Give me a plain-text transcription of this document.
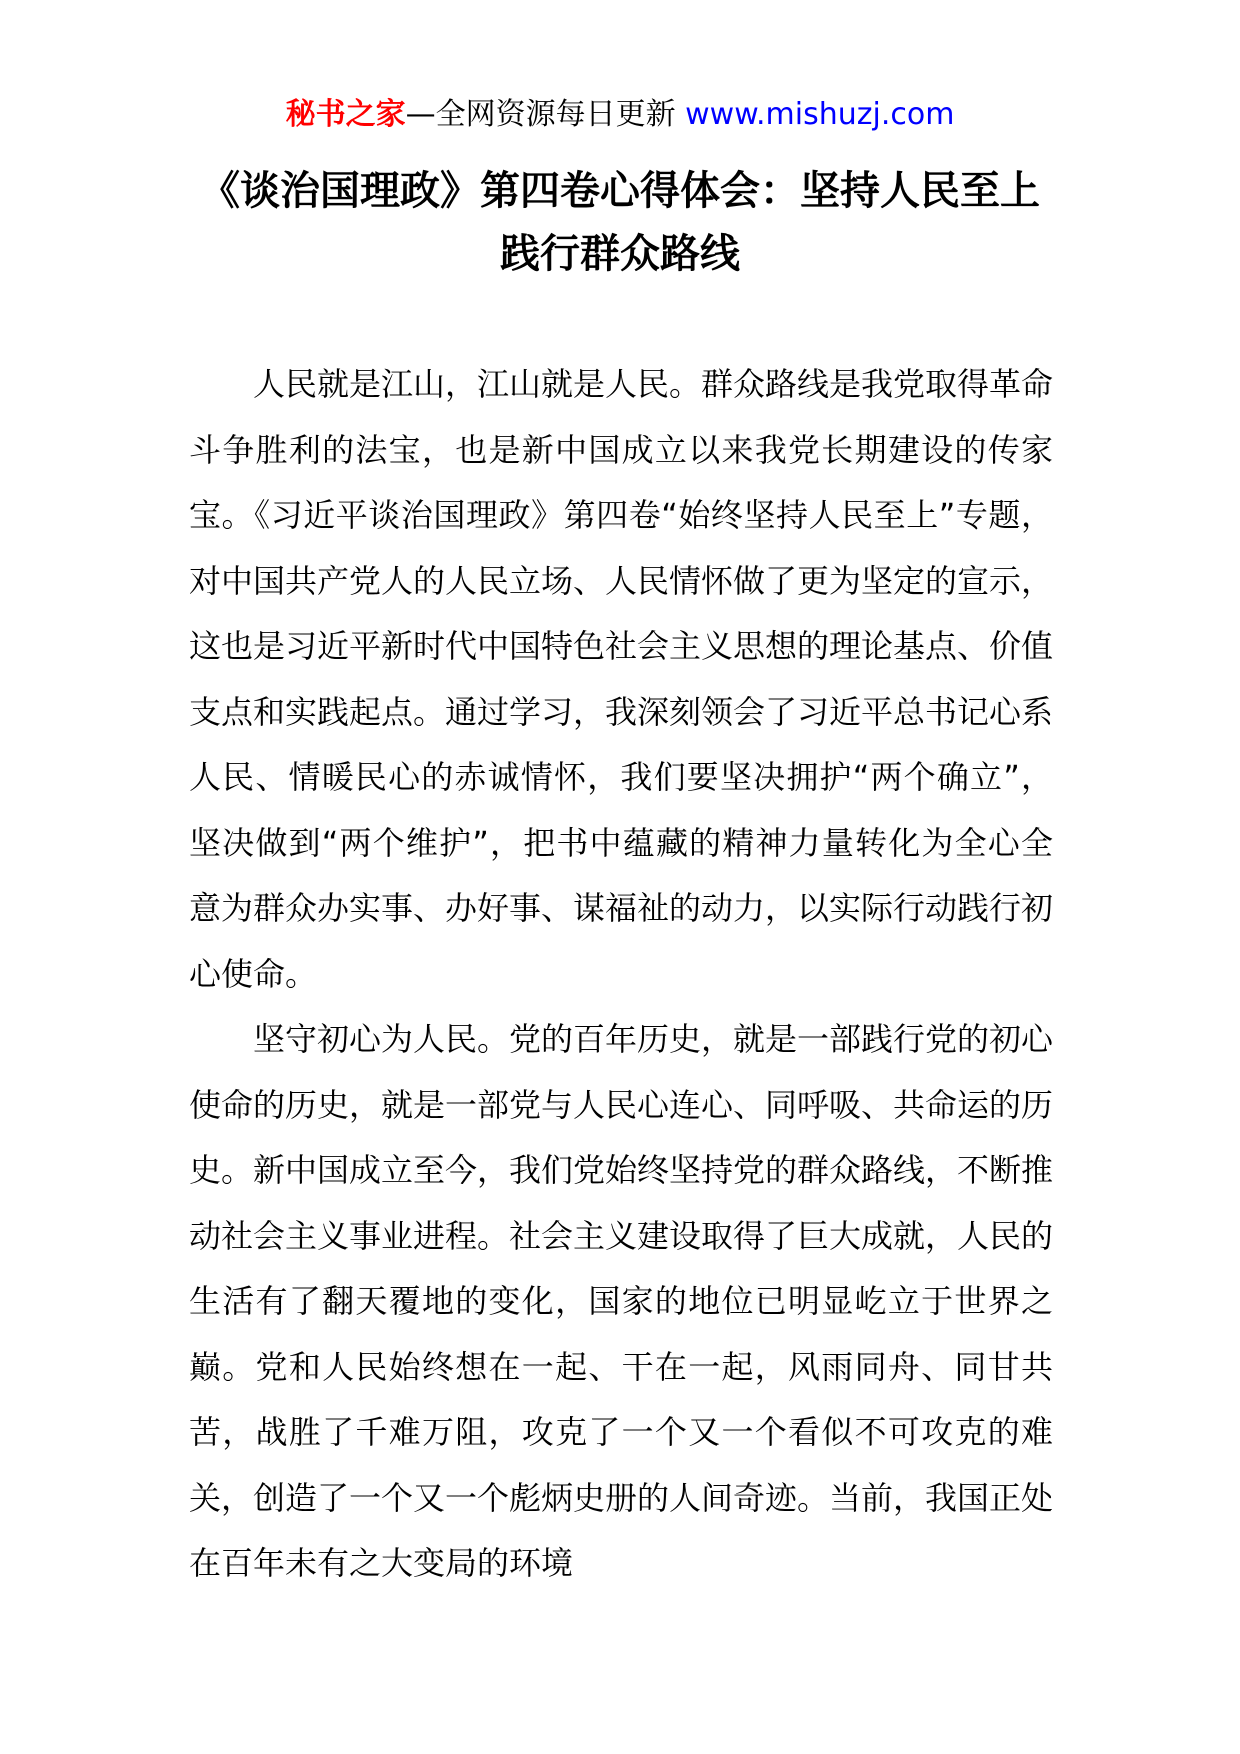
秘书之家—全网资源每日更新 www.mishuzj.com
《谈治国理政》第四卷心得体会：坚持人民至上 践行群众路线

人民就是江山，江山就是人民。群众路线是我党取得革命斗争胜利的法宝，也是新中国成立以来我党长期建设的传家宝。《习近平谈治国理政》第四卷“始终坚持人民至上”专题，对中国共产党人的人民立场、人民情怀做了更为坚定的宣示，这也是习近平新时代中国特色社会主义思想的理论基点、价值支点和实践起点。通过学习，我深刻领会了习近平总书记心系人民、情暖民心的赤诚情怀，我们要坚决拥护“两个确立”，坚决做到“两个维护”，把书中蕴藏的精神力量转化为全心全意为群众办实事、办好事、谋福祉的动力，以实际行动践行初心使命。

坚守初心为人民。党的百年历史，就是一部践行党的初心使命的历史，就是一部党与人民心连心、同呼吸、共命运的历史。新中国成立至今，我们党始终坚持党的群众路线，不断推动社会主义事业进程。社会主义建设取得了巨大成就，人民的生活有了翻天覆地的变化，国家的地位已明显屹立于世界之巅。党和人民始终想在一起、干在一起，风雨同舟、同甘共苦，战胜了千难万阻，攻克了一个又一个看似不可攻克的难关，创造了一个又一个彪炳史册的人间奇迹。当前，我国正处在百年未有之大变局的环境
